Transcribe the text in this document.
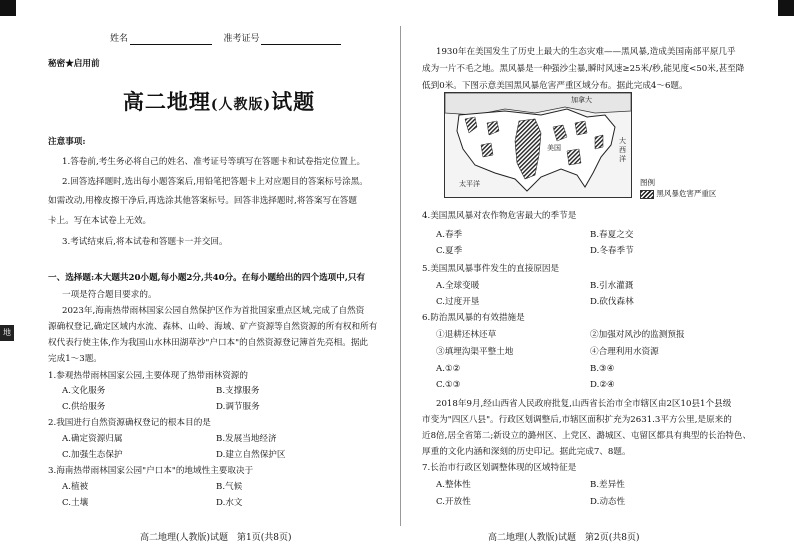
地
姓名	准考证号
秘密★启用前
高二地理(人教版)试题
注意事项:
1.答卷前,考生务必将自己的姓名、准考证号等填写在答题卡和试卷指定位置上。
2.回答选择题时,选出每小题答案后,用铅笔把答题卡上对应题目的答案标号涂黑。
如需改动,用橡皮擦干净后,再选涂其他答案标号。回答非选择题时,将答案写在答题
卡上。写在本试卷上无效。
3.考试结束后,将本试卷和答题卡一并交回。
一、选择题:本大题共20小题,每小题2分,共40分。在每小题给出的四个选项中,只有
一项是符合题目要求的。
2023年,海南热带雨林国家公园自然保护区作为首批国家重点区域,完成了自然资
源确权登记,确定区域内水流、森林、山岭、海域、矿产资源等自然资源的所有权和所有
权代表行使主体,作为我国山水林田湖草沙"户口本"的自然资源登记簿首先亮相。据此
完成1～3题。
1.参观热带雨林国家公园,主要体现了热带雨林资源的
A.文化服务	B.支撑服务
C.供给服务	D.调节服务
2.我国进行自然资源确权登记的根本目的是
A.确定资源归属	B.发展当地经济
C.加强生态保护	D.建立自然保护区
3.海南热带雨林国家公园"户口本"的地域性主要取决于
A.植被	B.气候
C.土壤	D.水文
高二地理(人教版)试题　第1页(共8页)
1930年在美国发生了历史上最大的生态灾难——黑风暴,造成美国南部平原几乎
成为一片不毛之地。黑风暴是一种强沙尘暴,瞬时风速≥25米/秒,能见度<50米,甚至降
低到0米。下图示意美国黑风暴危害严重区域分布。据此完成4～6题。
加拿大
美国
太平洋
大
西
洋
图例
黑风暴危害严重区
4.美国黑风暴对农作物危害最大的季节是
A.春季	B.春夏之交
C.夏季	D.冬春季节
5.美国黑风暴事件发生的直接原因是
A.全球变暖	B.引水灌溉
C.过度开垦	D.砍伐森林
6.防治黑风暴的有效措施是
①退耕还林还草	②加强对风沙的监测预报
③填埋沟渠平整土地	④合理利用水资源
A.①②	B.③④
C.①③	D.②④
2018年9月,经山西省人民政府批复,山西省长治市全市辖区由2区10县1个县级
市变为"四区八县"。行政区划调整后,市辖区面积扩充为2631.3平方公里,是原来的
近8倍,居全省第二;新设立的潞州区、上党区、潞城区、屯留区都具有典型的长治特色、
厚重的文化内涵和深刻的历史印记。据此完成7、8题。
7.长治市行政区划调整体现的区域特征是
A.整体性	B.差异性
C.开放性	D.动态性
高二地理(人教版)试题　第2页(共8页)
